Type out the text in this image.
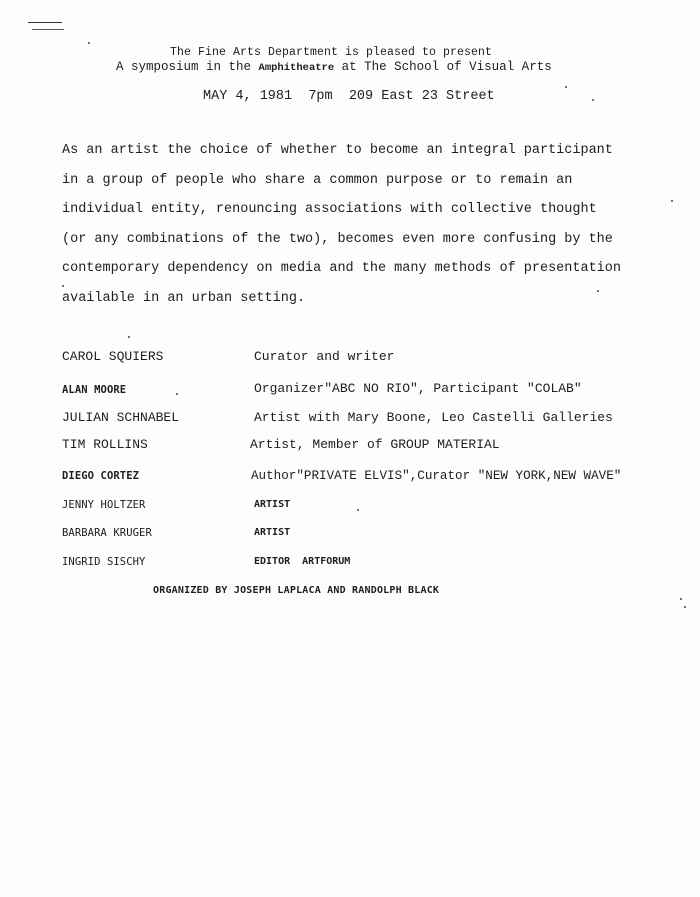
The Fine Arts Department is pleased to present
A symposium in the Amphitheatre at The School of Visual Arts
MAY 4, 1981  7pm  209 East 23 Street
As an artist the choice of whether to become an integral participant
in a group of people who share a common purpose or to remain an
individual entity, renouncing associations with collective thought
(or any combinations of the two), becomes even more confusing by the
contemporary dependency on media and the many methods of presentation
available in an urban setting.
CAROL SQUIERS	Curator and writer
ALAN MOORE	Organizer"ABC NO RIO", Participant "COLAB"
JULIAN SCHNABEL	Artist with Mary Boone, Leo Castelli Galleries
TIM ROLLINS	Artist, Member of GROUP MATERIAL
DIEGO CORTEZ	Author"PRIVATE ELVIS",Curator "NEW YORK,NEW WAVE"
JENNY HOLTZER	ARTIST
BARBARA KRUGER	ARTIST
INGRID SISCHY	EDITOR  ARTFORUM
ORGANIZED BY JOSEPH LAPLACA AND RANDOLPH BLACK
